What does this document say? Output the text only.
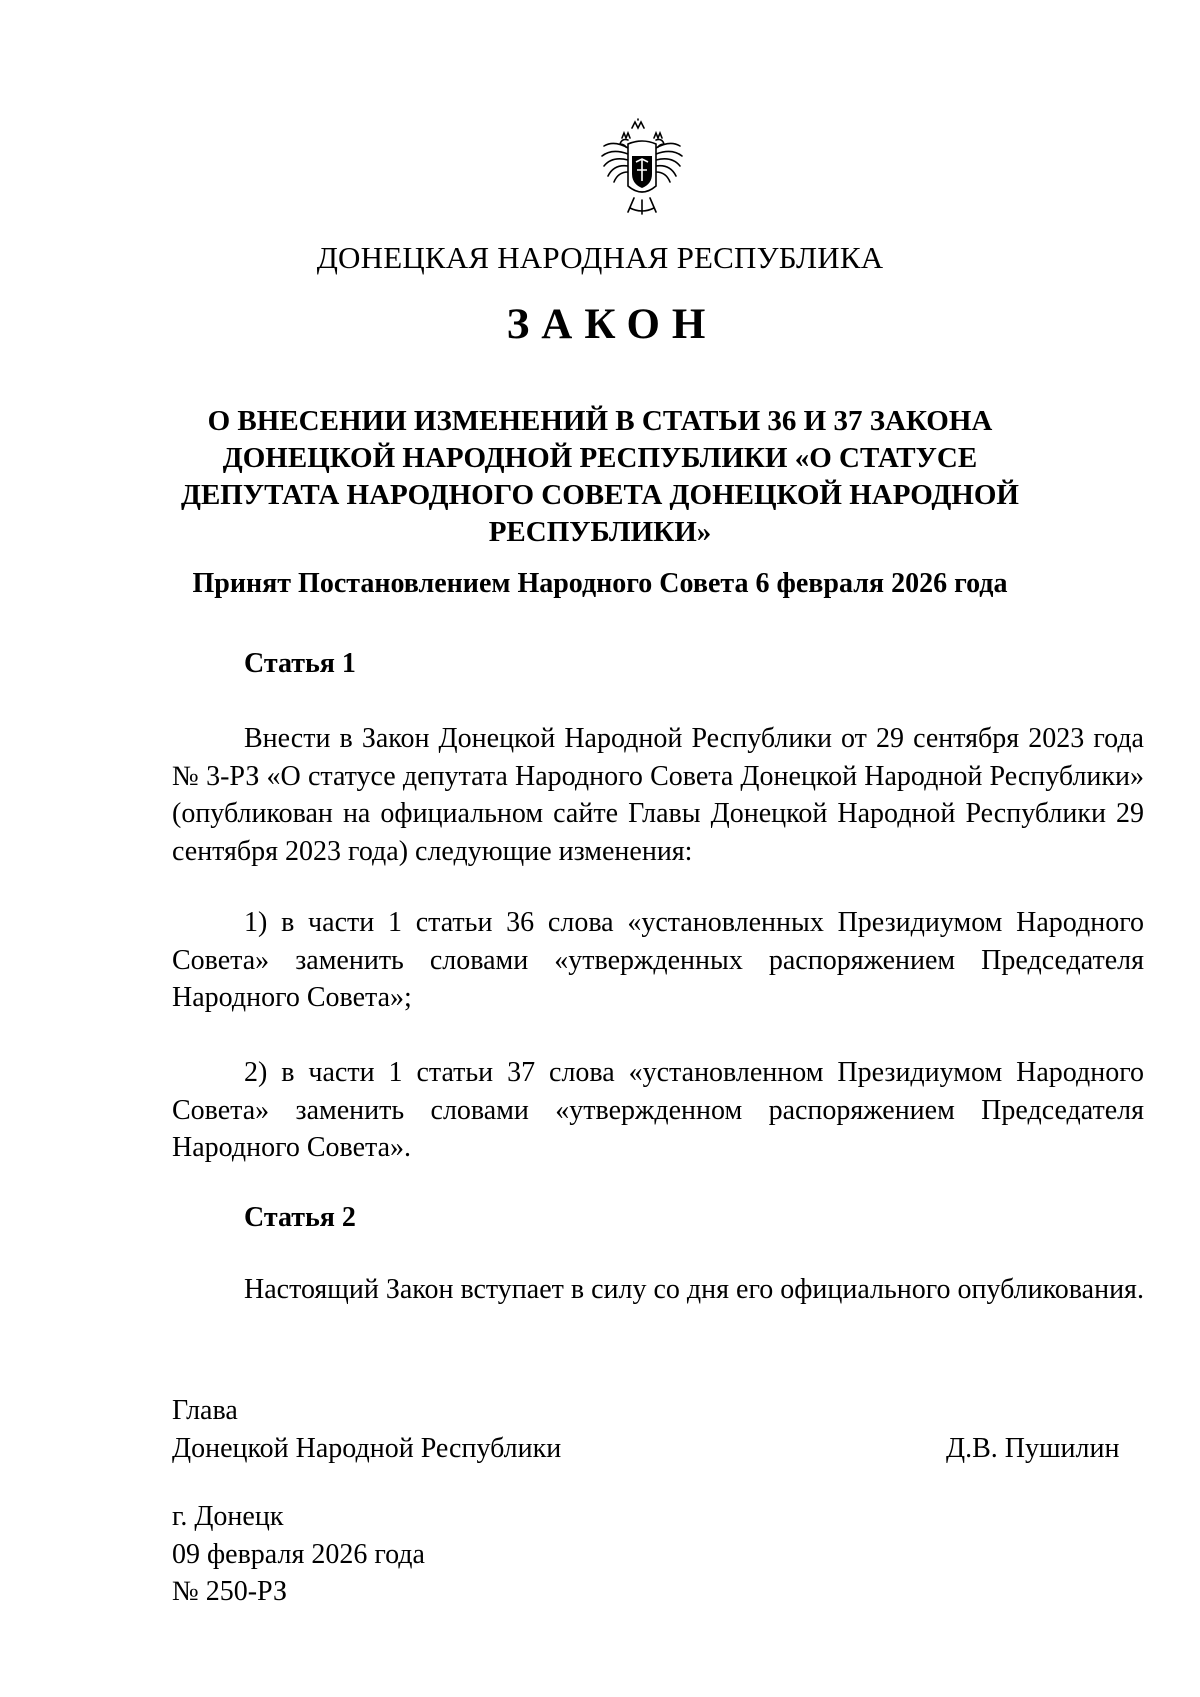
ДОНЕЦКАЯ НАРОДНАЯ РЕСПУБЛИКА
ЗАКОН
О ВНЕСЕНИИ ИЗМЕНЕНИЙ В СТАТЬИ 36 И 37 ЗАКОНА ДОНЕЦКОЙ НАРОДНОЙ РЕСПУБЛИКИ «О СТАТУСЕ ДЕПУТАТА НАРОДНОГО СОВЕТА ДОНЕЦКОЙ НАРОДНОЙ РЕСПУБЛИКИ»
Принят Постановлением Народного Совета 6 февраля 2026 года
Статья 1
Внести в Закон Донецкой Народной Республики от 29 сентября 2023 года № 3-РЗ «О статусе депутата Народного Совета Донецкой Народной Республики» (опубликован на официальном сайте Главы Донецкой Народной Республики 29 сентября 2023 года) следующие изменения:
1) в части 1 статьи 36 слова «установленных Президиумом Народного Совета» заменить словами «утвержденных распоряжением Председателя Народного Совета»;
2) в части 1 статьи 37 слова «установленном Президиумом Народного Совета» заменить словами «утвержденном распоряжением Председателя Народного Совета».
Статья 2
Настоящий Закон вступает в силу со дня его официального опубликования.
Глава
Донецкой Народной Республики	Д.В. Пушилин
г. Донецк
09 февраля 2026 года
№ 250-РЗ
